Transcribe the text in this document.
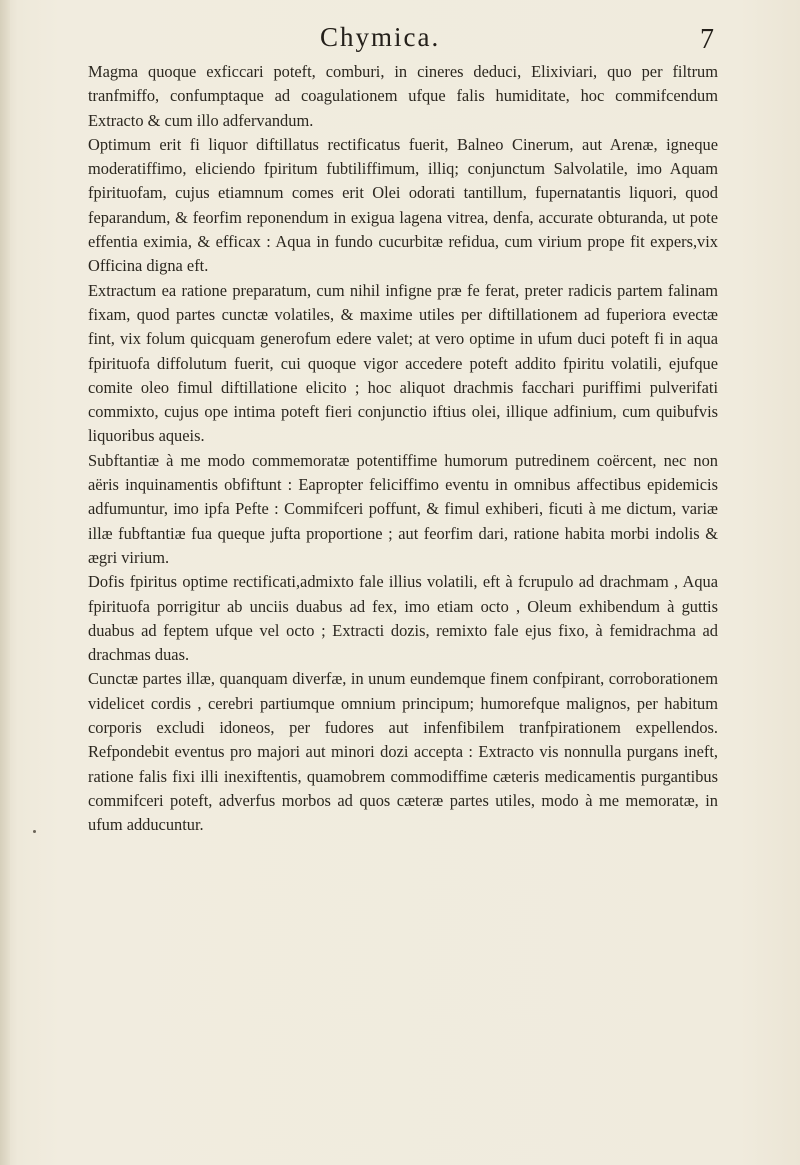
Chymica.	7

Magma quoque exficcari poteft, comburi, in cineres deduci, Elixiviari, quo per filtrum tranfmiffo, confumptaque ad coagulationem ufque falis humiditate, hoc commifcendum Extracto & cum illo adfervandum.

Optimum erit fi liquor diftillatus rectificatus fuerit, Balneo Cinerum, aut Arenæ, igneque moderatiffimo, eliciendo fpiritum fubtiliffimum, illiq; conjunctum Salvolatile, imo Aquam fpirituofam, cujus etiamnum comes erit Olei odorati tantillum, fupernatantis liquori, quod feparandum, & feorfim reponendum in exigua lagena vitrea, denfa, accurate obturanda, ut pote effentia eximia, & efficax : Aqua in fundo cucurbitæ refidua, cum virium prope fit expers,vix Officina digna eft.

Extractum ea ratione preparatum, cum nihil infigne præ fe ferat, preter radicis partem falinam fixam, quod partes cunctæ volatiles, & maxime utiles per diftillationem ad fuperiora evectæ fint, vix folum quicquam generofum edere valet; at vero optime in ufum duci poteft fi in aqua fpirituofa diffolutum fuerit, cui quoque vigor accedere poteft addito fpiritu volatili, ejufque comite oleo fimul diftillatione elicito ; hoc aliquot drachmis facchari puriffimi pulverifati commixto, cujus ope intima poteft fieri conjunctio iftius olei, illique adfinium, cum quibufvis liquoribus aqueis.

Subftantiæ à me modo commemoratæ potentiffime humorum putredinem coërcent, nec non aëris inquinamentis obfiftunt : Eapropter feliciffimo eventu in omnibus affectibus epidemicis adfumuntur, imo ipfa Pefte : Commifceri poffunt, & fimul exhiberi, ficuti à me dictum, variæ illæ fubftantiæ fua queque jufta proportione ; aut feorfim dari, ratione habita morbi indolis & ægri virium.

Dofis fpiritus optime rectificati,admixto fale illius volatili, eft à fcrupulo ad drachmam , Aqua fpirituofa porrigitur ab unciis duabus ad fex, imo etiam octo , Oleum exhibendum à guttis duabus ad feptem ufque vel octo ; Extracti dozis, remixto fale ejus fixo, à femidrachma ad drachmas duas.

Cunctæ partes illæ, quanquam diverfæ, in unum eundemque finem confpirant, corroborationem videlicet cordis , cerebri partiumque omnium principum; humorefque malignos, per habitum corporis excludi idoneos, per fudores aut infenfibilem tranfpirationem expellendos. Refpondebit eventus pro majori aut minori dozi accepta : Extracto vis nonnulla purgans ineft, ratione falis fixi illi inexiftentis, quamobrem commodiffime cæteris medicamentis purgantibus commifceri poteft, adverfus morbos ad quos cæteræ partes utiles, modo à me memoratæ, in ufum adducuntur.
